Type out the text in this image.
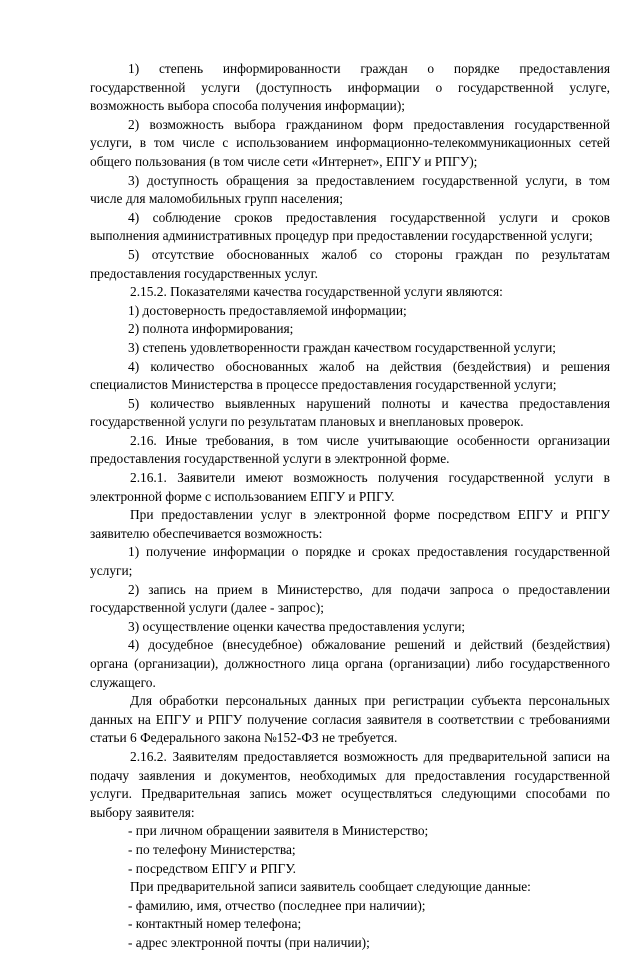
1) степень информированности граждан о порядке предоставления государственной услуги (доступность информации о государственной услуге, возможность выбора способа получения информации);

2) возможность выбора гражданином форм предоставления государственной услуги, в том числе с использованием информационно-телекоммуникационных сетей общего пользования (в том числе сети «Интернет», ЕПГУ и РПГУ);

3) доступность обращения за предоставлением государственной услуги, в том числе для маломобильных групп населения;

4) соблюдение сроков предоставления государственной услуги и сроков выполнения административных процедур при предоставлении государственной услуги;

5) отсутствие обоснованных жалоб со стороны граждан по результатам предоставления государственных услуг.

2.15.2. Показателями качества государственной услуги являются:

1) достоверность предоставляемой информации;

2) полнота информирования;

3) степень удовлетворенности граждан качеством государственной услуги;

4) количество обоснованных жалоб на действия (бездействия) и решения специалистов Министерства в процессе предоставления государственной услуги;

5) количество выявленных нарушений полноты и качества предоставления государственной услуги по результатам плановых и внеплановых проверок.

2.16. Иные требования, в том числе учитывающие особенности организации предоставления государственной услуги в электронной форме.

2.16.1. Заявители имеют возможность получения государственной услуги в электронной форме с использованием ЕПГУ и РПГУ.

При предоставлении услуг в электронной форме посредством ЕПГУ и РПГУ заявителю обеспечивается возможность:

1) получение информации о порядке и сроках предоставления государственной услуги;

2) запись на прием в Министерство, для подачи запроса о предоставлении государственной услуги (далее - запрос);

3) осуществление оценки качества предоставления услуги;

4) досудебное (внесудебное) обжалование решений и действий (бездействия) органа (организации), должностного лица органа (организации) либо государственного служащего.

Для обработки персональных данных при регистрации субъекта персональных данных на ЕПГУ и РПГУ получение согласия заявителя в соответствии с требованиями статьи 6 Федерального закона №152-ФЗ не требуется.

2.16.2. Заявителям предоставляется возможность для предварительной записи на подачу заявления и документов, необходимых для предоставления государственной услуги. Предварительная запись может осуществляться следующими способами по выбору заявителя:

- при личном обращении заявителя в Министерство;

- по телефону Министерства;

- посредством ЕПГУ и РПГУ.

При предварительной записи заявитель сообщает следующие данные:

- фамилию, имя, отчество (последнее при наличии);

- контактный номер телефона;

- адрес электронной почты (при наличии);
